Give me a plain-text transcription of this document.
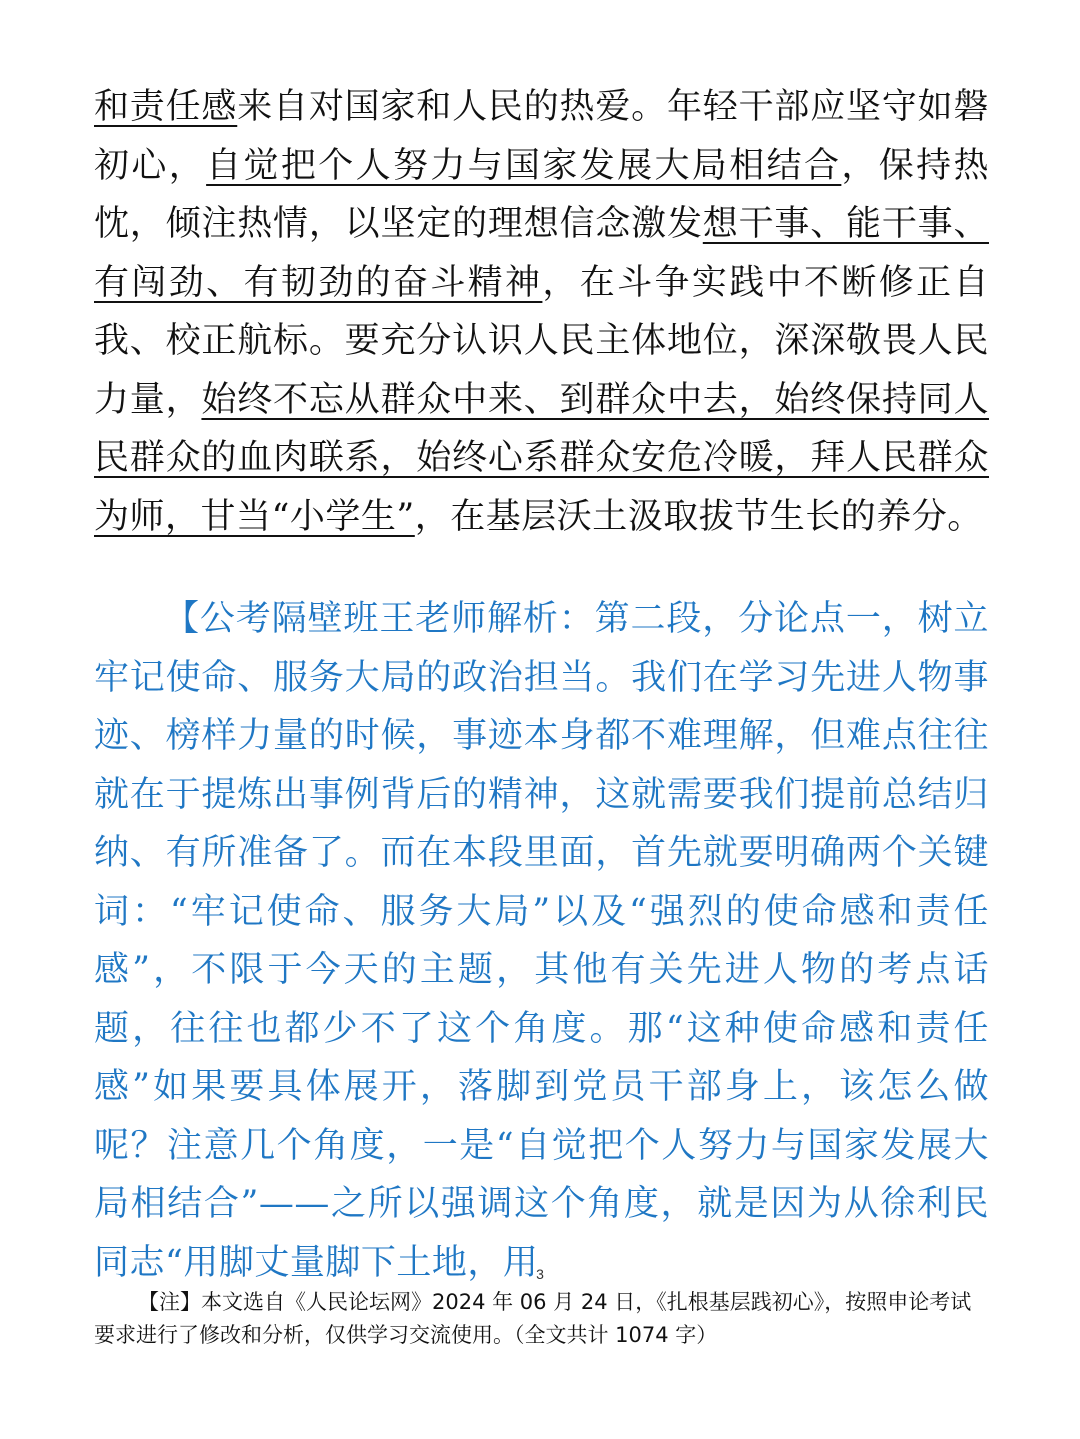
和责任感来自对国家和人民的热爱。年轻干部应坚守如磐初心，自觉把个人努力与国家发展大局相结合，保持热忱，倾注热情，以坚定的理想信念激发想干事、能干事、有闯劲、有韧劲的奋斗精神，在斗争实践中不断修正自我、校正航标。要充分认识人民主体地位，深深敬畏人民力量，始终不忘从群众中来、到群众中去，始终保持同人民群众的血肉联系，始终心系群众安危冷暖，拜人民群众为师，甘当“小学生”，在基层沃土汲取拔节生长的养分。

【公考隔壁班王老师解析：第二段，分论点一，树立牢记使命、服务大局的政治担当。我们在学习先进人物事迹、榜样力量的时候，事迹本身都不难理解，但难点往往就在于提炼出事例背后的精神，这就需要我们提前总结归纳、有所准备了。而在本段里面，首先就要明确两个关键词：“牢记使命、服务大局”以及“强烈的使命感和责任感”，不限于今天的主题，其他有关先进人物的考点话题，往往也都少不了这个角度。那“这种使命感和责任感”如果要具体展开，落脚到党员干部身上，该怎么做呢？注意几个角度，一是“自觉把个人努力与国家发展大局相结合”——之所以强调这个角度，就是因为从徐利民同志“用脚丈量脚下土地，用

3

【注】本文选自《人民论坛网》2024 年 06 月 24 日，《扎根基层践初心》，按照申论考试要求进行了修改和分析，仅供学习交流使用。（全文共计 1074 字）
